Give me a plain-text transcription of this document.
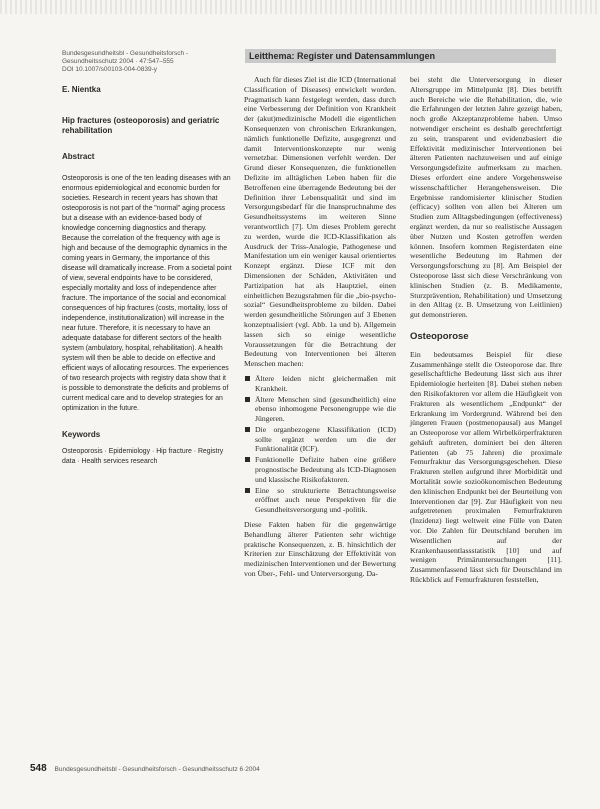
Bundesgesundheitsbl - Gesundheitsforsch -

Gesundheitsschutz 2004 · 47:547–555

DOI 10.1007/s00103-004-0839-y

E. Nientka
Hip fractures (osteoporosis) and geriatric rehabilitation
Abstract
Osteoporosis is one of the ten leading diseases with an enormous epidemiological and economic burden for societies. Research in recent years has shown that osteoporosis is not part of the "normal" aging process but a disease with an evidence-based body of knowledge concerning diagnostics and therapy. Because the correlation of the frequency with age is high and because of the demographic dynamics in the coming years in Germany, the importance of this disease will dramatically increase. From a societal point of view, several endpoints have to be considered, especially mortality and loss of independence after fracture. The importance of the social and economical consequences of hip fractures (costs, mortality, loss of independence, institutionalization) will increase in the near future. Therefore, it is necessary to have an adequate database for different sectors of the health system (ambulatory, hospital, rehabilitation). A health system will then be able to decide on effective and efficient ways of allocating resources. The experiences of two research projects with registry data show that it is possible to demonstrate the deficits and problems of current medical care and to develop strategies for an optimization in the future.
Keywords
Osteoporosis · Epidemiology · Hip fracture · Registry data · Health services research
Leitthema: Register und Datensammlungen

Auch für dieses Ziel ist die ICD (International Classification of Diseases) entwickelt worden. Pragmatisch kann festgelegt werden, dass durch eine Verbesserung der Definition von Krankheit der (akut)medizinische Modell die eigentlichen Konsequenzen von chronischen Erkrankungen, nämlich funktionelle Defizite, ausgegrenzt und damit Interventionskonzepte nur wenig vernetzbar. Dimensionen verfehlt werden. Der Grund dieser Konsequenzen, die funktionellen Defizite im alltäglichen Leben haben für die Betroffenen eine überragende Bedeutung bei der Definition ihrer Lebensqualität und sind im Versorgungsbedarf für die Inanspruchnahme des Gesundheitssystems im weiteren Sinne verantwortlich [7]. Um dieses Problem gerecht zu werden, wurde die ICD-Klassifikation als Ausdruck der Triss-Analogie, Pathogenese und Manifestation um ein weniger kausal orientiertes Konzept ergänzt. Diese ICF mit den Dimensionen der Schäden, Aktivitäten und Partizipation hat als Hauptziel, einen einheitlichen Bezugsrahmen für die „bio-psycho-sozial“ Gesundheitsprobleme zu bilden. Dabei werden gesundheitliche Störungen auf 3 Ebenen konzeptualisiert (vgl. Abb. 1a und b). Allgemein lassen sich so einige wesentliche Voraussetzungen für die Betrachtung der Bedeutung von Interventionen bei älteren Menschen machen:

Ältere leiden nicht gleichermaßen mit Krankheit.
Ältere Menschen sind (gesundheitlich) eine ebenso inhomogene Personengruppe wie die Jüngeren.
Die organbezogene Klassifikation (ICD) sollte ergänzt werden um die der Funktionalität (ICF).
Funktionelle Defizite haben eine größere prognostische Bedeutung als ICD-Diagnosen und klassische Risikofaktoren.
Eine so strukturierte Betrachtungsweise eröffnet auch neue Perspektiven für die Gesundheitsversorgung und -politik.

Diese Fakten haben für die gegenwärtige Behandlung älterer Patienten sehr wichtige praktische Konsequenzen, z. B. hinsichtlich der Kriterien zur Einschätzung der Effektivität von medizinischen Interventionen und der Bewertung von Über-, Fehl- und Unterversorgung. Da-

bei steht die Unterversorgung in dieser Altersgruppe im Mittelpunkt [8]. Dies betrifft auch Bereiche wie die Rehabilitation, die, wie die Erfahrungen der letzten Jahre gezeigt haben, noch große Akzeptanzprobleme haben. Umso notwendiger erscheint es deshalb gerechtfertigt zu sein, transparent und evidenzbasiert die Effektivität medizinischer Interventionen bei älteren Patienten nachzuweisen und auf einige Versorgungsdefizite aufmerksam zu machen. Dieses erfordert eine andere Vorgehensweise wissenschaftlicher Herangehensweisen. Die Ergebnisse randomisierter klinischer Studien (efficacy) sollten von allen bei Älteren um Studien zum Alltagsbedingungen (effectiveness) ergänzt werden, da nur so realistische Aussagen über Nutzen und Kosten getroffen werden können. Insofern kommen Registerdaten eine wesentliche Bedeutung im Rahmen der Versorgungsforschung zu [8]. Am Beispiel der Osteoporose lässt sich diese Verschränkung von klinischen Studien (z. B. Medikamente, Sturzprävention, Rehabilitation) und Umsetzung in den Alltag (z. B. Umsetzung von Leitlinien) gut demonstrieren.

Osteoporose

Ein bedeutsames Beispiel für diese Zusammenhänge stellt die Osteoporose dar. Ihre gesellschaftliche Bedeutung lässt sich aus ihrer Epidemiologie herleiten [8]. Dabei stehen neben den Risikofaktoren vor allem die Häufigkeit von Frakturen als wesentlichem „Endpunkt“ der Erkrankung im Vordergrund. Während bei den jüngeren Frauen (postmenopausal) aus Mangel an Osteoporose vor allem Wirbelkörperfrakturen gehäuft auftreten, dominiert bei den älteren Patienten (ab 75 Jahren) die proximale Femurfraktur das Versorgungsgeschehen. Diese Frakturen stellen aufgrund ihrer Morbidität und Mortalität sowie sozioökonomischen Bedeutung den klinischen Endpunkt bei der Beurteilung von Interventionen dar [9]. Zur Häufigkeit von neu aufgetretenen proximalen Femurfrakturen (Inzidenz) liegt weltweit eine Fülle von Daten vor. Die Zahlen für Deutschland beruhen im Wesentlichen auf der Krankenhausentlassstatistik [10] und auf wenigen Primäruntersuchungen [11]. Zusammenfassend lässt sich für Deutschland im Rückblick auf Femurfrakturen feststellen,

548 Bundesgesundheitsbl - Gesundheitsforsch - Gesundheitsschutz 6·2004
